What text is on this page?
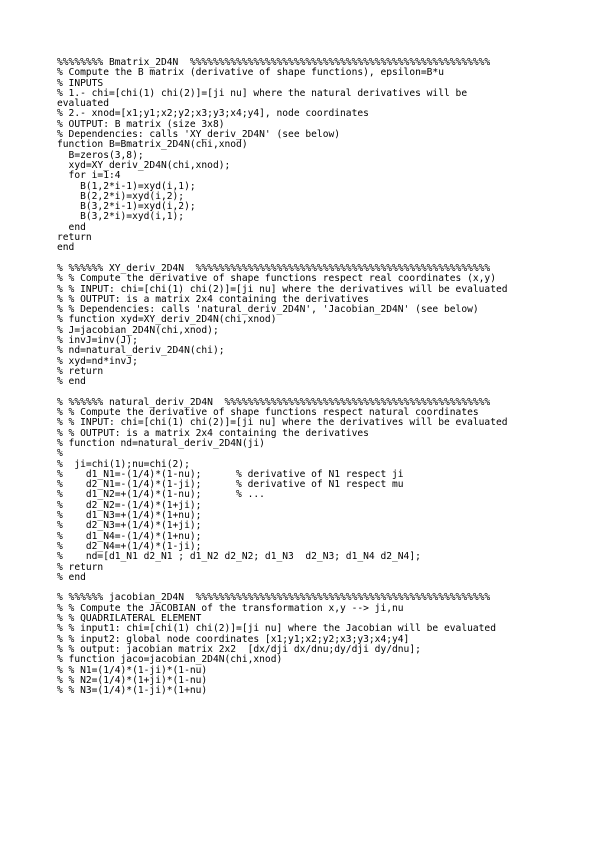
%%%%%%%% Bmatrix_2D4N  %%%%%%%%%%%%%%%%%%%%%%%%%%%%%%%%%%%%%%%%%%%%%%%%%%%%
% Compute the B matrix (derivative of shape functions), epsilon=B*u
% INPUTS
% 1.- chi=[chi(1) chi(2)]=[ji nu] where the natural derivatives will be
evaluated
% 2.- xnod=[x1;y1;x2;y2;x3;y3;x4;y4], node coordinates
% OUTPUT: B matrix (size 3x8)
% Dependencies: calls 'XY_deriv_2D4N' (see below)
function B=Bmatrix_2D4N(chi,xnod)
B=zeros(3,8);
xyd=XY_deriv_2D4N(chi,xnod);
for i=1:4
B(1,2*i-1)=xyd(i,1);
B(2,2*i)=xyd(i,2);
B(3,2*i-1)=xyd(i,2);
B(3,2*i)=xyd(i,1);
end
return
end
% %%%%%% XY_deriv_2D4N  %%%%%%%%%%%%%%%%%%%%%%%%%%%%%%%%%%%%%%%%%%%%%%%%%%%
% % Compute the derivative of shape functions respect real coordinates (x,y)
% % INPUT: chi=[chi(1) chi(2)]=[ji nu] where the derivatives will be evaluated
% % OUTPUT: is a matrix 2x4 containing the derivatives
% % Dependencies: calls 'natural_deriv_2D4N', 'Jacobian_2D4N' (see below)
% function xyd=XY_deriv_2D4N(chi,xnod)
% J=jacobian_2D4N(chi,xnod);
% invJ=inv(J);
% nd=natural_deriv_2D4N(chi);
% xyd=nd*invJ;
% return
% end
% %%%%%% natural_deriv_2D4N  %%%%%%%%%%%%%%%%%%%%%%%%%%%%%%%%%%%%%%%%%%%%%%
% % Compute the derivative of shape functions respect natural coordinates
% % INPUT: chi=[chi(1) chi(2)]=[ji nu] where the derivatives will be evaluated
% % OUTPUT: is a matrix 2x4 containing the derivatives
% function nd=natural_deriv_2D4N(ji)
%
%  ji=chi(1);nu=chi(2);
%    d1_N1=-(1/4)*(1-nu);      % derivative of N1 respect ji
%    d2_N1=-(1/4)*(1-ji);      % derivative of N1 respect mu
%    d1_N2=+(1/4)*(1-nu);      % ...
%    d2_N2=-(1/4)*(1+ji);
%    d1_N3=+(1/4)*(1+nu);
%    d2_N3=+(1/4)*(1+ji);
%    d1_N4=-(1/4)*(1+nu);
%    d2_N4=+(1/4)*(1-ji);
%    nd=[d1_N1 d2_N1 ; d1_N2 d2_N2; d1_N3  d2_N3; d1_N4 d2_N4];
% return
% end
% %%%%%% jacobian_2D4N  %%%%%%%%%%%%%%%%%%%%%%%%%%%%%%%%%%%%%%%%%%%%%%%%%%%
% % Compute the JACOBIAN of the transformation x,y --> ji,nu
% % QUADRILATERAL ELEMENT
% % input1: chi=[chi(1) chi(2)]=[ji nu] where the Jacobian will be evaluated
% % input2: global node coordinates [x1;y1;x2;y2;x3;y3;x4;y4]
% % output: jacobian matrix 2x2  [dx/dji dx/dnu;dy/dji dy/dnu];
% function jaco=jacobian_2D4N(chi,xnod)
% % N1=(1/4)*(1-ji)*(1-nu)
% % N2=(1/4)*(1+ji)*(1-nu)
% % N3=(1/4)*(1-ji)*(1+nu)
